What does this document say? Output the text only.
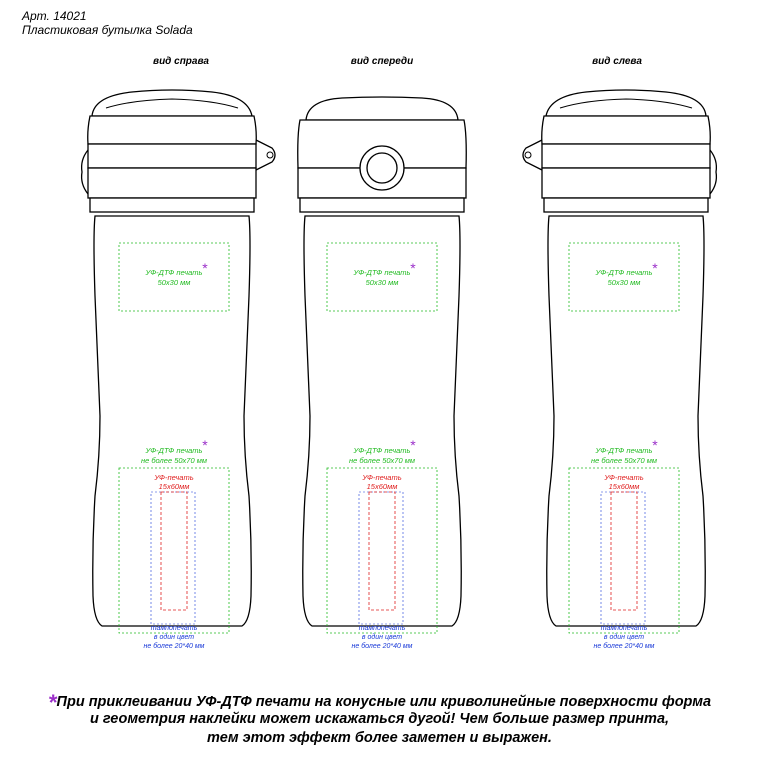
Арт. 14021
Пластиковая бутылка Solada
вид справа	вид спереди	вид слева
УФ-ДТФ печать
50x30 мм
*
УФ-ДТФ печать
не более 50x70 мм
*
УФ-печать
15x60мм
тампопечать
в один цвет
не более 20*40 мм
УФ-ДТФ печать
50x30 мм
*
УФ-ДТФ печать
не более 50x70 мм
*
УФ-печать
15x60мм
тампопечать
в один цвет
не более 20*40 мм
УФ-ДТФ печать
50x30 мм
*
УФ-ДТФ печать
не более 50x70 мм
*
УФ-печать
15x60мм
тампопечать
в один цвет
не более 20*40 мм
*При приклеивании УФ-ДТФ печати на конусные или криволинейные поверхности форма
и геометрия наклейки может искажаться дугой! Чем больше размер принта,
тем этот эффект более заметен и выражен.
